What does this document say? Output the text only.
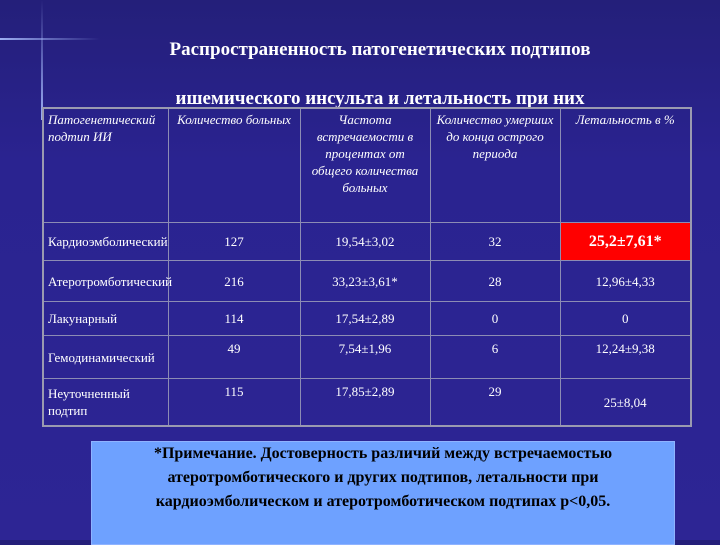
Распространенность патогенетических подтипов
ишемического инсульта и летальность при них
Патогенетический подтип ИИ	Количество больных	Частота встречаемости в процентах от общего количества больных	Количество умерших до конца острого периода	Летальность в %
Кардиоэмболический	127	19,54±3,02	32	25,2±7,61*
Атеротромботический	216	33,23±3,61*	28	12,96±4,33
Лакунарный	114	17,54±2,89	0	0
Гемодинамический	49	7,54±1,96	6	12,24±9,38
Неуточненный подтип	115	17,85±2,89	29	25±8,04
*Примечание. Достоверность различий между встречаемостью атеротромботического и других подтипов, летальности при кардиоэмболическом и атеротромботическом подтипах p<0,05.
